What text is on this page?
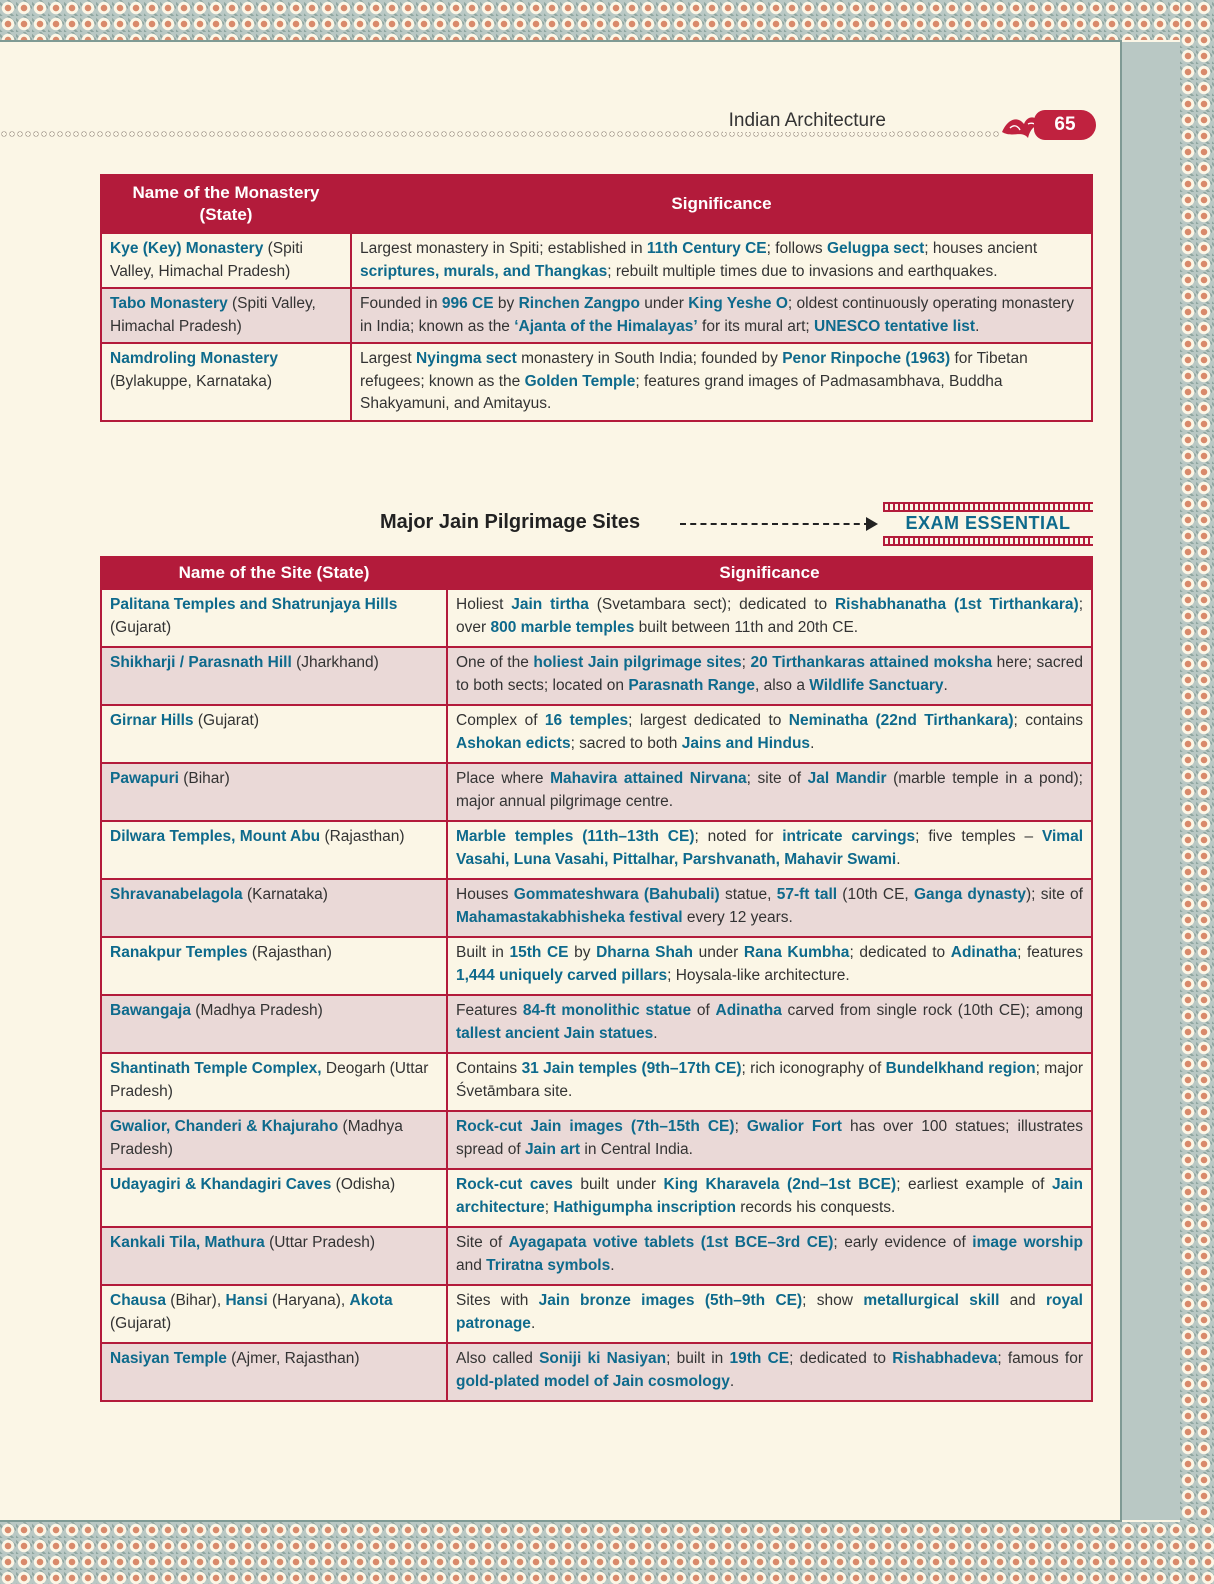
Indian Architecture	65
Name of the Monastery (State)	Significance
Kye (Key) Monastery (Spiti Valley, Himachal Pradesh)	Largest monastery in Spiti; established in 11th Century CE; follows Gelugpa sect; houses ancient scriptures, murals, and Thangkas; rebuilt multiple times due to invasions and earthquakes.
Tabo Monastery (Spiti Valley, Himachal Pradesh)	Founded in 996 CE by Rinchen Zangpo under King Yeshe O; oldest continuously operating monastery in India; known as the ‘Ajanta of the Himalayas’ for its mural art; UNESCO tentative list.
Namdroling Monastery (Bylakuppe, Karnataka)	Largest Nyingma sect monastery in South India; founded by Penor Rinpoche (1963) for Tibetan refugees; known as the Golden Temple; features grand images of Padmasambhava, Buddha Shakyamuni, and Amitayus.
Major Jain Pilgrimage Sites	EXAM ESSENTIAL
Name of the Site (State)	Significance
Palitana Temples and Shatrunjaya Hills (Gujarat)	Holiest Jain tirtha (Svetambara sect); dedicated to Rishabhanatha (1st Tirthankara); over 800 marble temples built between 11th and 20th CE.
Shikharji / Parasnath Hill (Jharkhand)	One of the holiest Jain pilgrimage sites; 20 Tirthankaras attained moksha here; sacred to both sects; located on Parasnath Range, also a Wildlife Sanctuary.
Girnar Hills (Gujarat)	Complex of 16 temples; largest dedicated to Neminatha (22nd Tirthankara); contains Ashokan edicts; sacred to both Jains and Hindus.
Pawapuri (Bihar)	Place where Mahavira attained Nirvana; site of Jal Mandir (marble temple in a pond); major annual pilgrimage centre.
Dilwara Temples, Mount Abu (Rajasthan)	Marble temples (11th–13th CE); noted for intricate carvings; five temples – Vimal Vasahi, Luna Vasahi, Pittalhar, Parshvanath, Mahavir Swami.
Shravanabelagola (Karnataka)	Houses Gommateshwara (Bahubali) statue, 57-ft tall (10th CE, Ganga dynasty); site of Mahamastakabhisheka festival every 12 years.
Ranakpur Temples (Rajasthan)	Built in 15th CE by Dharna Shah under Rana Kumbha; dedicated to Adinatha; features 1,444 uniquely carved pillars; Hoysala-like architecture.
Bawangaja (Madhya Pradesh)	Features 84-ft monolithic statue of Adinatha carved from single rock (10th CE); among tallest ancient Jain statues.
Shantinath Temple Complex, Deogarh (Uttar Pradesh)	Contains 31 Jain temples (9th–17th CE); rich iconography of Bundelkhand region; major Śvetāmbara site.
Gwalior, Chanderi & Khajuraho (Madhya Pradesh)	Rock-cut Jain images (7th–15th CE); Gwalior Fort has over 100 statues; illustrates spread of Jain art in Central India.
Udayagiri & Khandagiri Caves (Odisha)	Rock-cut caves built under King Kharavela (2nd–1st BCE); earliest example of Jain architecture; Hathigumpha inscription records his conquests.
Kankali Tila, Mathura (Uttar Pradesh)	Site of Ayagapata votive tablets (1st BCE–3rd CE); early evidence of image worship and Triratna symbols.
Chausa (Bihar), Hansi (Haryana), Akota (Gujarat)	Sites with Jain bronze images (5th–9th CE); show metallurgical skill and royal patronage.
Nasiyan Temple (Ajmer, Rajasthan)	Also called Soniji ki Nasiyan; built in 19th CE; dedicated to Rishabhadeva; famous for gold-plated model of Jain cosmology.
